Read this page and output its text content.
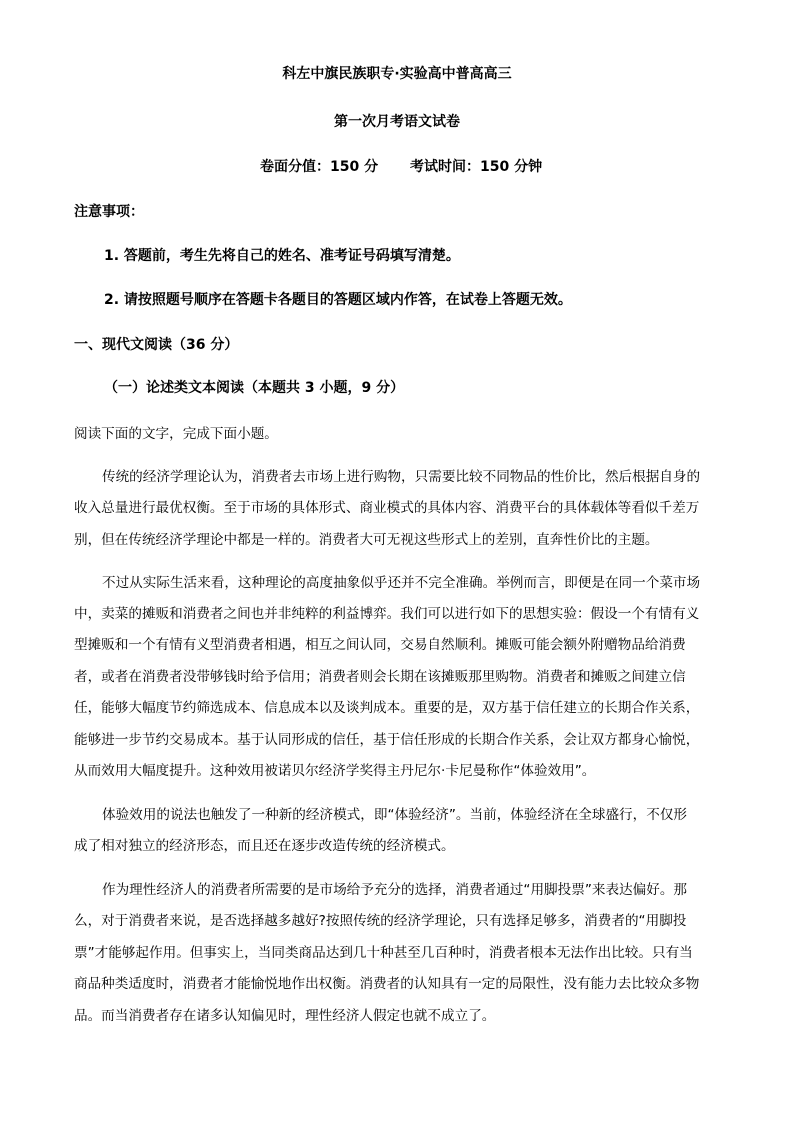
科左中旗民族职专·实验高中普高高三
第一次月考语文试卷
卷面分值：150 分 考试时间：150 分钟
注意事项：
1. 答题前，考生先将自己的姓名、准考证号码填写清楚。
2. 请按照题号顺序在答题卡各题目的答题区域内作答，在试卷上答题无效。
一、现代文阅读（36 分）
（一）论述类文本阅读（本题共 3 小题，9 分）
阅读下面的文字，完成下面小题。
传统的经济学理论认为，消费者去市场上进行购物，只需要比较不同物品的性价比，然后根据自身的
收入总量进行最优权衡。至于市场的具体形式、商业模式的具体内容、消费平台的具体载体等看似千差万
别，但在传统经济学理论中都是一样的。消费者大可无视这些形式上的差别，直奔性价比的主题。
不过从实际生活来看，这种理论的高度抽象似乎还并不完全准确。举例而言，即便是在同一个菜市场
中，卖菜的摊贩和消费者之间也并非纯粹的利益博弈。我们可以进行如下的思想实验：假设一个有情有义
型摊贩和一个有情有义型消费者相遇，相互之间认同，交易自然顺利。摊贩可能会额外附赠物品给消费
者，或者在消费者没带够钱时给予信用；消费者则会长期在该摊贩那里购物。消费者和摊贩之间建立信
任，能够大幅度节约筛选成本、信息成本以及谈判成本。重要的是，双方基于信任建立的长期合作关系，
能够进一步节约交易成本。基于认同形成的信任，基于信任形成的长期合作关系，会让双方都身心愉悦，
从而效用大幅度提升。这种效用被诺贝尔经济学奖得主丹尼尔·卡尼曼称作“体验效用”。
体验效用的说法也触发了一种新的经济模式，即“体验经济”。当前，体验经济在全球盛行，不仅形
成了相对独立的经济形态，而且还在逐步改造传统的经济模式。
作为理性经济人的消费者所需要的是市场给予充分的选择，消费者通过“用脚投票”来表达偏好。那
么，对于消费者来说，是否选择越多越好?按照传统的经济学理论，只有选择足够多，消费者的“用脚投
票”才能够起作用。但事实上，当同类商品达到几十种甚至几百种时，消费者根本无法作出比较。只有当
商品种类适度时，消费者才能愉悦地作出权衡。消费者的认知具有一定的局限性，没有能力去比较众多物
品。而当消费者存在诸多认知偏见时，理性经济人假定也就不成立了。
